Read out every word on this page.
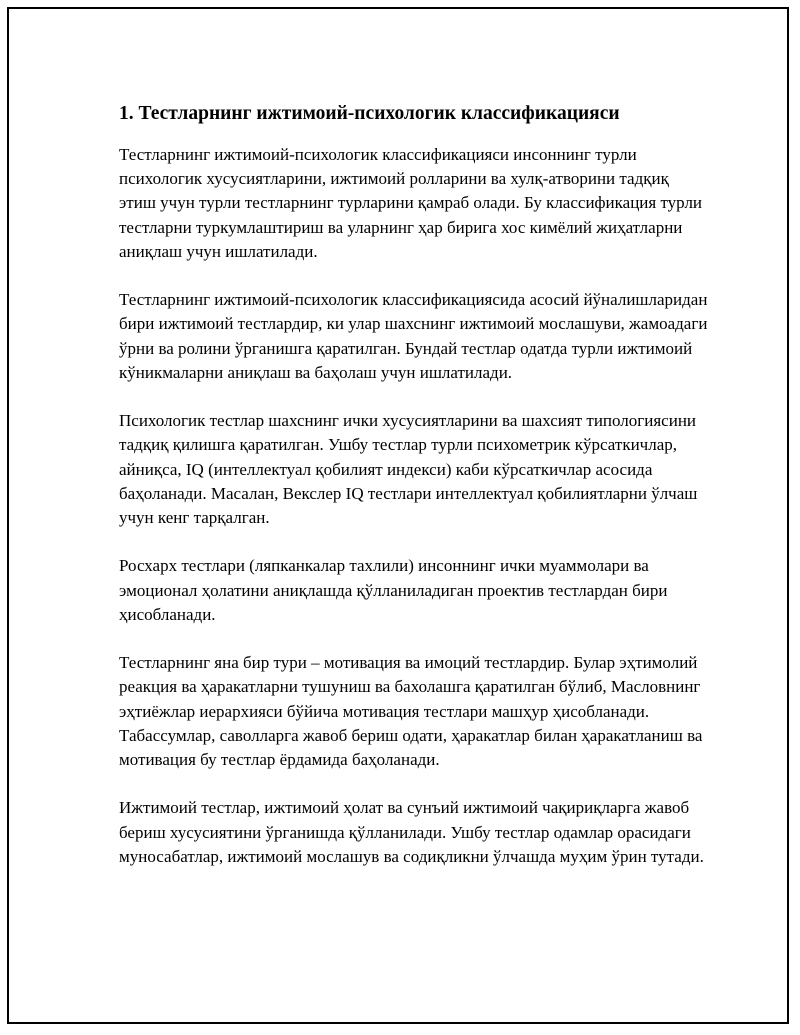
1. Тестларнинг ижтимоий-психологик классификацияси

Тестларнинг ижтимоий-психологик классификацияси инсоннинг турли психологик хусусиятларини, ижтимоий ролларини ва хулқ-атворини тадқиқ этиш учун турли тестларнинг турларини қамраб олади. Бу классификация турли тестларни туркумлаштириш ва уларнинг ҳар бирига хос кимёлий жиҳатларни аниқлаш учун ишлатилади.

Тестларнинг ижтимоий-психологик классификациясида асосий йўналишларидан бири ижтимоий тестлардир, ки улар шахснинг ижтимоий мослашуви, жамоадаги ўрни ва ролини ўрганишга қаратилган. Бундай тестлар одатда турли ижтимоий кўникмаларни аниқлаш ва баҳолаш учун ишлатилади.

Психологик тестлар шахснинг ички хусусиятларини ва шахсият типологиясини тадқиқ қилишга қаратилган. Ушбу тестлар турли психометрик кўрсаткичлар, айниқса, IQ (интеллектуал қобилият индекси) каби кўрсаткичлар асосида баҳоланади. Масалан, Векслер IQ тестлари интеллектуал қобилиятларни ўлчаш учун кенг тарқалган.

Росхарх тестлари (ляпканкалар тахлили) инсоннинг ички муаммолари ва эмоционал ҳолатини аниқлашда қўлланиладиган проектив тестлардан бири ҳисобланади.

Тестларнинг яна бир тури – мотивация ва имоций тестлардир. Булар эҳтимолий реакция ва ҳаракатларни тушуниш ва бахолашга қаратилган бўлиб, Масловнинг эҳтиёжлар иерархияси бўйича мотивация тестлари машҳур ҳисобланади. Табассумлар, саволларга жавоб бериш одати, ҳаракатлар билан ҳаракатланиш ва мотивация бу тестлар ёрдамида баҳоланади.

Ижтимоий тестлар, ижтимоий ҳолат ва сунъий ижтимоий чақириқларга жавоб бериш хусусиятини ўрганишда қўлланилади. Ушбу тестлар одамлар орасидаги муносабатлар, ижтимоий мослашув ва содиқликни ўлчашда муҳим ўрин тутади.
